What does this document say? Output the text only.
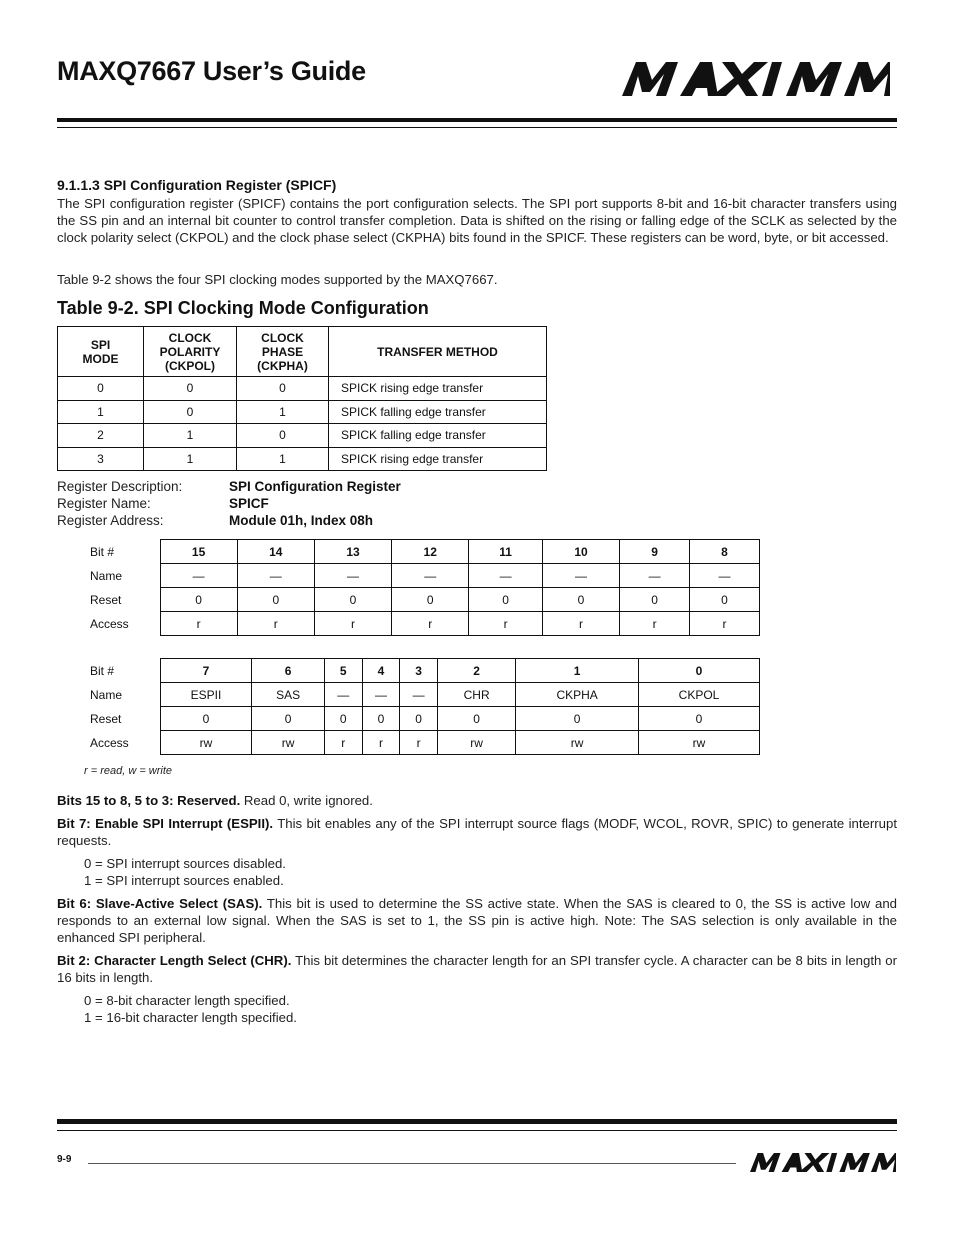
MAXQ7667 User’s Guide
9.1.1.3 SPI Configuration Register (SPICF)
The SPI configuration register (SPICF) contains the port configuration selects. The SPI port supports 8-bit and 16-bit character transfers using the SS pin and an internal bit counter to control transfer completion. Data is shifted on the rising or falling edge of the SCLK as selected by the clock polarity select (CKPOL) and the clock phase select (CKPHA) bits found in the SPICF. These registers can be word, byte, or bit accessed.
Table 9-2 shows the four SPI clocking modes supported by the MAXQ7667.
Table 9-2. SPI Clocking Mode Configuration
SPI MODE	CLOCK POLARITY (CKPOL)	CLOCK PHASE (CKPHA)	TRANSFER METHOD
0	0	0	SPICK rising edge transfer
1	0	1	SPICK falling edge transfer
2	1	0	SPICK falling edge transfer
3	1	1	SPICK rising edge transfer
Register Description:	SPI Configuration Register
Register Name:	SPICF
Register Address:	Module 01h, Index 08h
Bit #	15	14	13	12	11	10	9	8
Name	—	—	—	—	—	—	—	—
Reset	0	0	0	0	0	0	0	0
Access	r	r	r	r	r	r	r	r
Bit #	7	6	5	4	3	2	1	0
Name	ESPII	SAS	—	—	—	CHR	CKPHA	CKPOL
Reset	0	0	0	0	0	0	0	0
Access	rw	rw	r	r	r	rw	rw	rw
r = read, w = write
Bits 15 to 8, 5 to 3: Reserved. Read 0, write ignored.
Bit 7: Enable SPI Interrupt (ESPII). This bit enables any of the SPI interrupt source flags (MODF, WCOL, ROVR, SPIC) to generate interrupt requests.
0 = SPI interrupt sources disabled.
1 = SPI interrupt sources enabled.
Bit 6: Slave-Active Select (SAS). This bit is used to determine the SS active state. When the SAS is cleared to 0, the SS is active low and responds to an external low signal. When the SAS is set to 1, the SS pin is active high. Note: The SAS selection is only available in the enhanced SPI peripheral.
Bit 2: Character Length Select (CHR). This bit determines the character length for an SPI transfer cycle. A character can be 8 bits in length or 16 bits in length.
0 = 8-bit character length specified.
1 = 16-bit character length specified.
9-9
